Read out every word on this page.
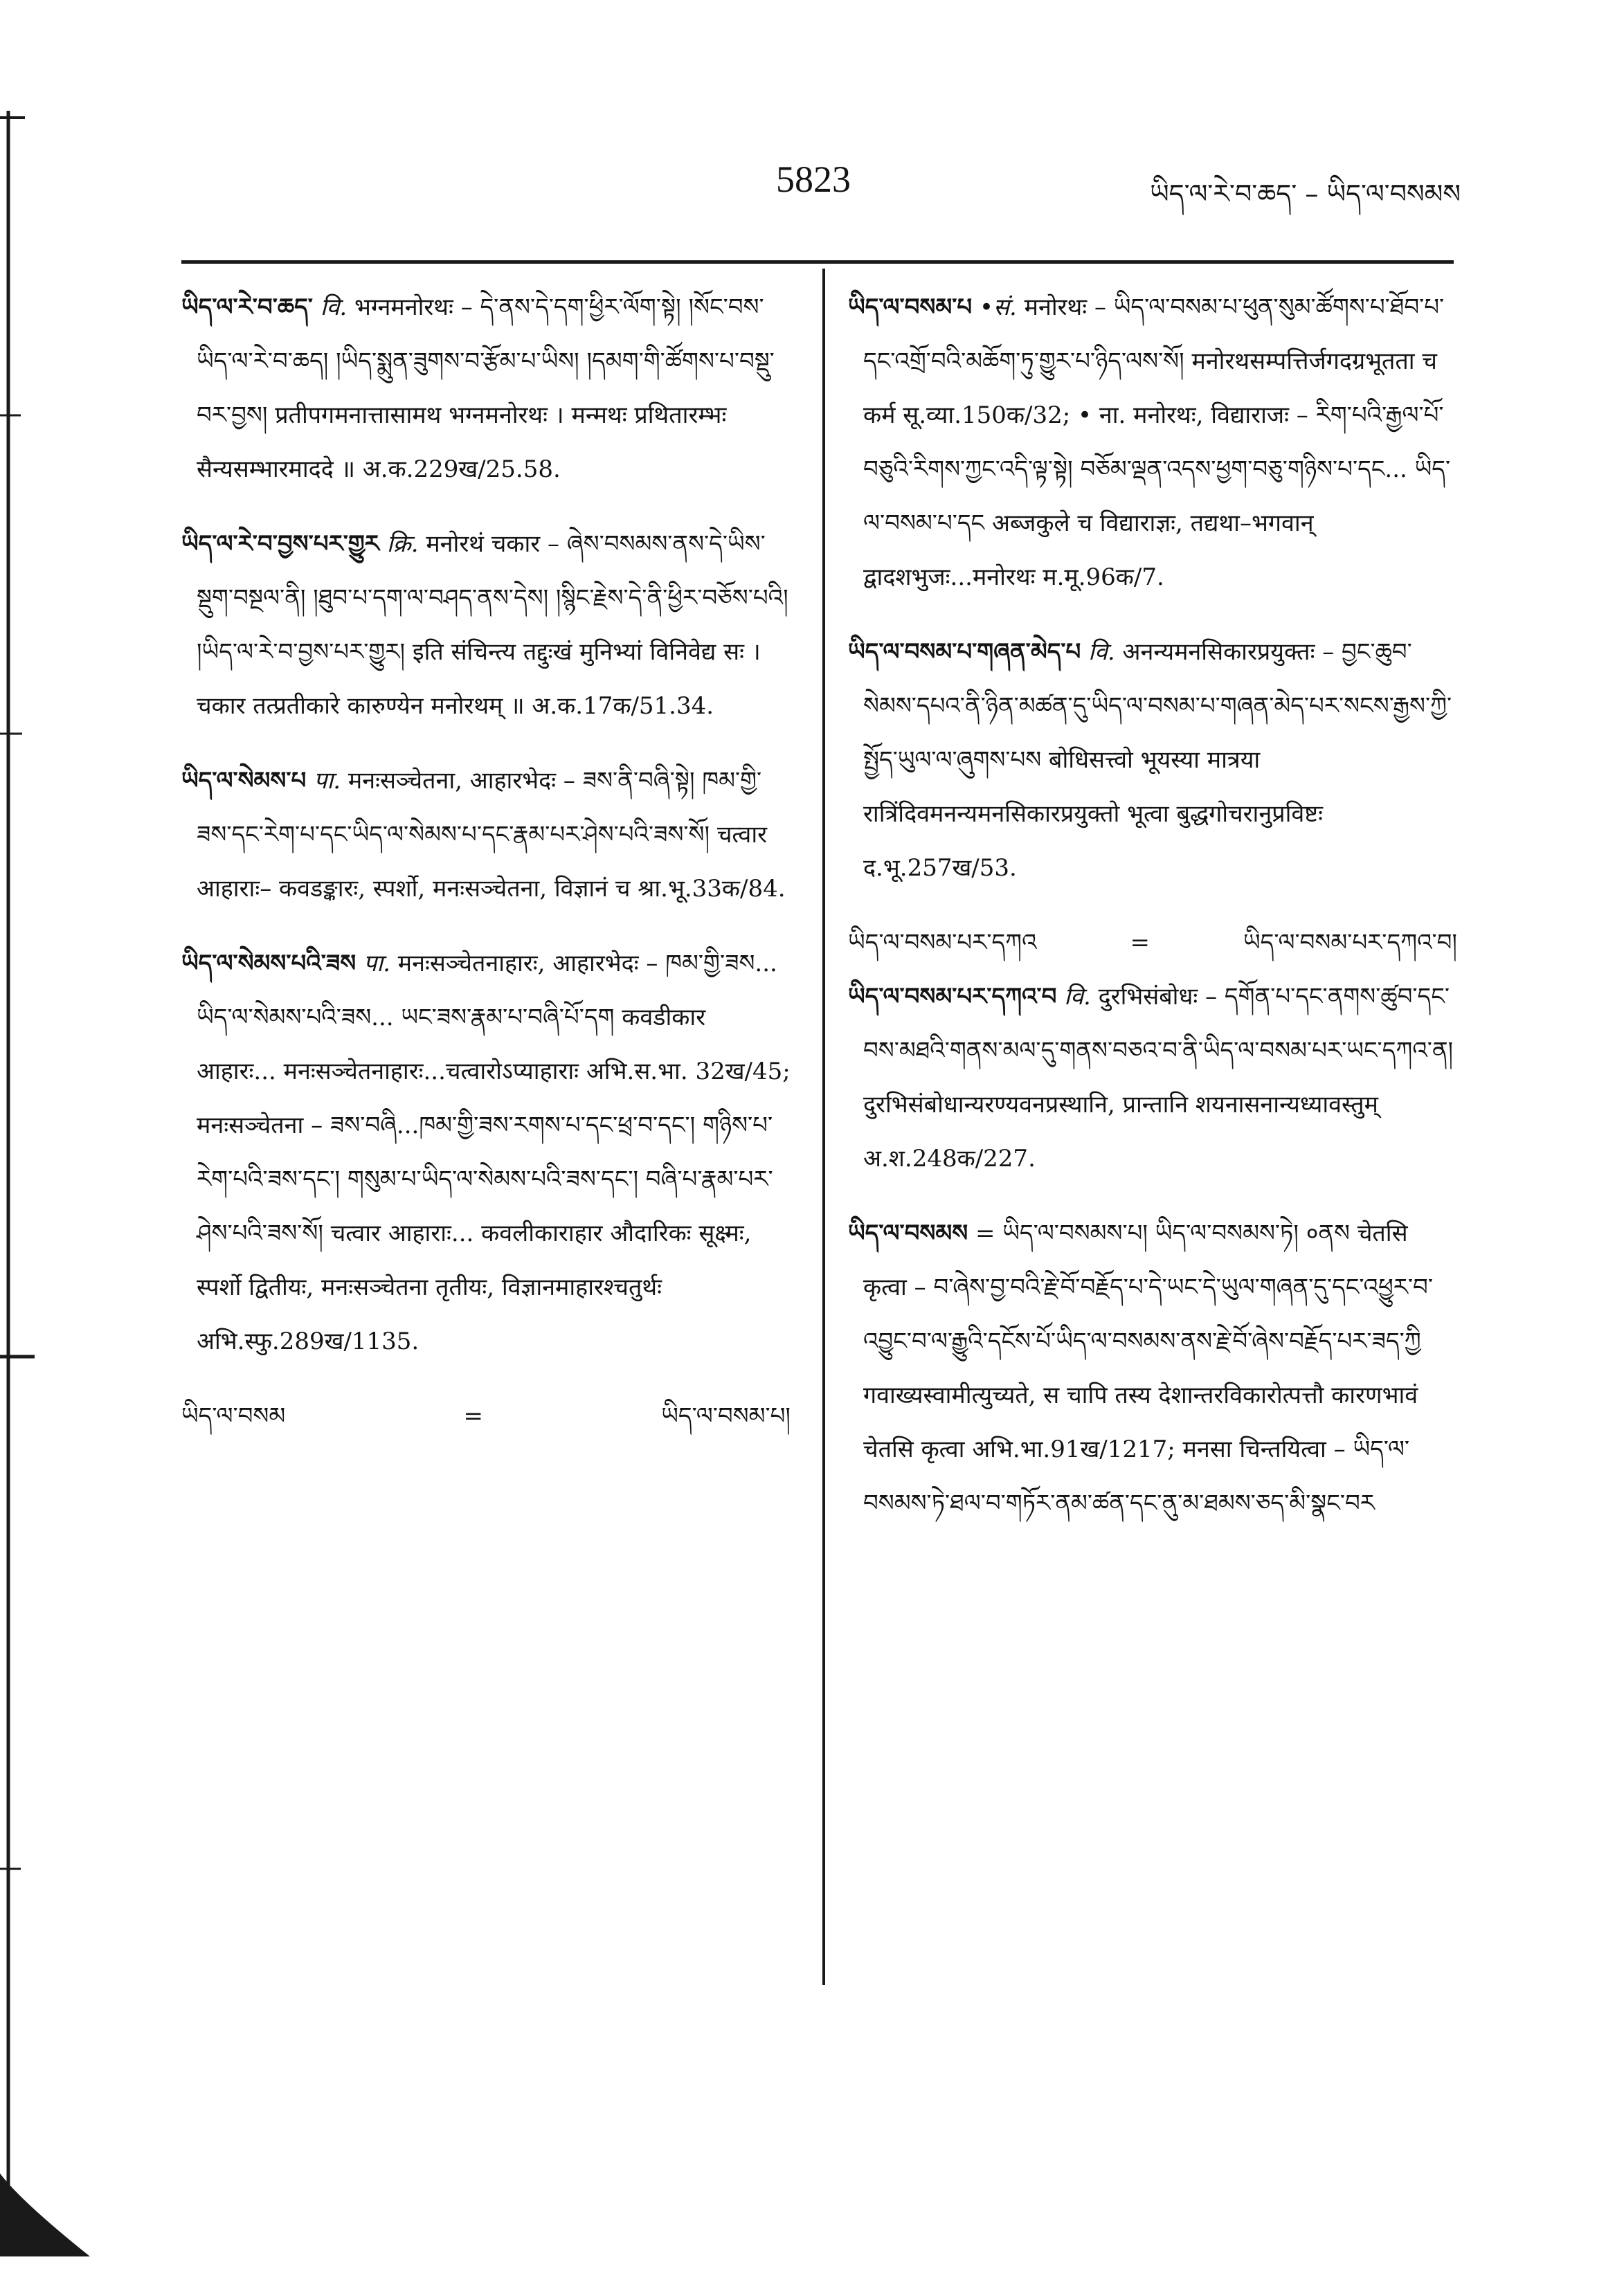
5823	ཡིད་ལ་རེ་བ་ཆད་ – ཡིད་ལ་བསམས

ཡིད་ལ་རེ་བ་ཆད་ वि. भग्नमनोरथः – དེ་ནས་དེ་དག་ཕྱིར་ལོག་སྟེ། །སོང་བས་ཡིད་ལ་རེ་བ་ཆད། །ཡིད་སྨུན་ཟུགས་བ་རྩོམ་པ་ཡིས། །དམག་གི་ཚོགས་པ་བསྡུ་བར་བྱས། प्रतीपगमनात्तासामथ भग्नमनोरथः । मन्मथः प्रथितारम्भः सैन्यसम्भारमाददे ॥ अ.क.229ख/25.58.

ཡིད་ལ་རེ་བ་བྱས་པར་གྱུར क्रि. मनोरथं चकार – ཞེས་བསམས་ནས་དེ་ཡིས་སྡུག་བསྔལ་ནི། །ཐུབ་པ་དག་ལ་བཤད་ནས་དེས། །སྙིང་རྗེས་དེ་ནི་ཕྱིར་བཅོས་པའི། །ཡིད་ལ་རེ་བ་བྱས་པར་གྱུར། इति संचिन्त्य तद्दुःखं मुनिभ्यां विनिवेद्य सः । चकार तत्प्रतीकारे कारुण्येन मनोरथम् ॥ अ.क.17क/51.34.

ཡིད་ལ་སེམས་པ पा. मनःसञ्चेतना, आहारभेदः – ཟས་ནི་བཞི་སྟེ། ཁམ་གྱི་ཟས་དང་རེག་པ་དང་ཡིད་ལ་སེམས་པ་དང་རྣམ་པར་ཤེས་པའི་ཟས་སོ། चत्वार आहाराः– कवडङ्कारः, स्पर्शो, मनःसञ्चेतना, विज्ञानं च श्रा.भू.33क/84.

ཡིད་ལ་སེམས་པའི་ཟས पा. मनःसञ्चेतनाहारः, आहारभेदः – ཁམ་གྱི་ཟས... ཡིད་ལ་སེམས་པའི་ཟས... ཡང་ཟས་རྣམ་པ་བཞི་པོ་དག कवडीकार आहारः... मनःसञ्चेतनाहारः...चत्वारोऽप्याहाराः अभि.स.भा. 32ख/45; मनःसञ्चेतना – ཟས་བཞི...ཁམ་གྱི་ཟས་རགས་པ་དང་ཕྲ་བ་དང་། གཉིས་པ་རེག་པའི་ཟས་དང་། གསུམ་པ་ཡིད་ལ་སེམས་པའི་ཟས་དང་། བཞི་པ་རྣམ་པར་ཤེས་པའི་ཟས་སོ། चत्वार आहाराः... कवलीकाराहार औदारिकः सूक्ष्मः, स्पर्शो द्वितीयः, मनःसञ्चेतना तृतीयः, विज्ञानमाहारश्चतुर्थः अभि.स्फु.289ख/1135.

ཡིད་ལ་བསམ	=	ཡིད་ལ་བསམ་པ།

ཡིད་ལ་བསམ་པ •सं. मनोरथः – ཡིད་ལ་བསམ་པ་ཕུན་སུམ་ཚོགས་པ་ཐོབ་པ་དང་འགྲོ་བའི་མཆོག་ཏུ་གྱུར་པ་ཉིད་ལས་སོ། मनोरथसम्पत्तिर्जगदग्रभूतता च कर्म सू.व्या.150क/32; • ना. मनोरथः, विद्याराजः – རིག་པའི་རྒྱལ་པོ་བཅུའི་རིགས་ཀྱང་འདི་ལྟ་སྟེ། བཅོམ་ལྡན་འདས་ཕྱག་བཅུ་གཉིས་པ་དང... ཡིད་ལ་བསམ་པ་དང अब्जकुले च विद्याराज्ञः, तद्यथा–भगवान् द्वादशभुजः...मनोरथः म.मू.96क/7.

ཡིད་ལ་བསམ་པ་གཞན་མེད་པ वि. अनन्यमनसिकारप्रयुक्तः – བྱང་ཆུབ་སེམས་དཔའ་ནི་ཉིན་མཚན་དུ་ཡིད་ལ་བསམ་པ་གཞན་མེད་པར་སངས་རྒྱས་ཀྱི་སྤྱོད་ཡུལ་ལ་ཞུགས་པས बोधिसत्त्वो भूयस्या मात्रया रात्रिंदिवमनन्यमनसिकारप्रयुक्तो भूत्वा बुद्धगोचरानुप्रविष्टः द.भू.257ख/53.

ཡིད་ལ་བསམ་པར་དཀའ	=	ཡིད་ལ་བསམ་པར་དཀའ་བ།

ཡིད་ལ་བསམ་པར་དཀའ་བ वि. दुरभिसंबोधः – དགོན་པ་དང་ནགས་ཚུབ་དང་བས་མཐའི་གནས་མལ་དུ་གནས་བཅའ་བ་ནི་ཡིད་ལ་བསམ་པར་ཡང་དཀའ་ན། दुरभिसंबोधान्यरण्यवनप्रस्थानि, प्रान्तानि शयनासनान्यध्यावस्तुम् अ.श.248क/227.

ཡིད་ལ་བསམས = ཡིད་ལ་བསམས་པ། ཡིད་ལ་བསམས་ཏེ། ०ནས चेतसि कृत्वा – བ་ཞེས་བྱ་བའི་རྗེ་བོ་བརྗོད་པ་དེ་ཡང་དེ་ཡུལ་གཞན་དུ་དང་འཕྱུར་བ་འབྱུང་བ་ལ་རྒྱུའི་དངོས་པོ་ཡིད་ལ་བསམས་ནས་རྗེ་བོ་ཞེས་བརྗོད་པར་ཟད་ཀྱི गवाख्यस्वामीत्युच्यते, स चापि तस्य देशान्तरविकारोत्पत्तौ कारणभावं चेतसि कृत्वा अभि.भा.91ख/1217; मनसा चिन्तयित्वा – ཡིད་ལ་བསམས་ཏེ་ཐལ་བ་གཏོར་ནམ་ཚན་དང་ནུ་མ་ཐམས་ཅད་མི་སྣང་བར
